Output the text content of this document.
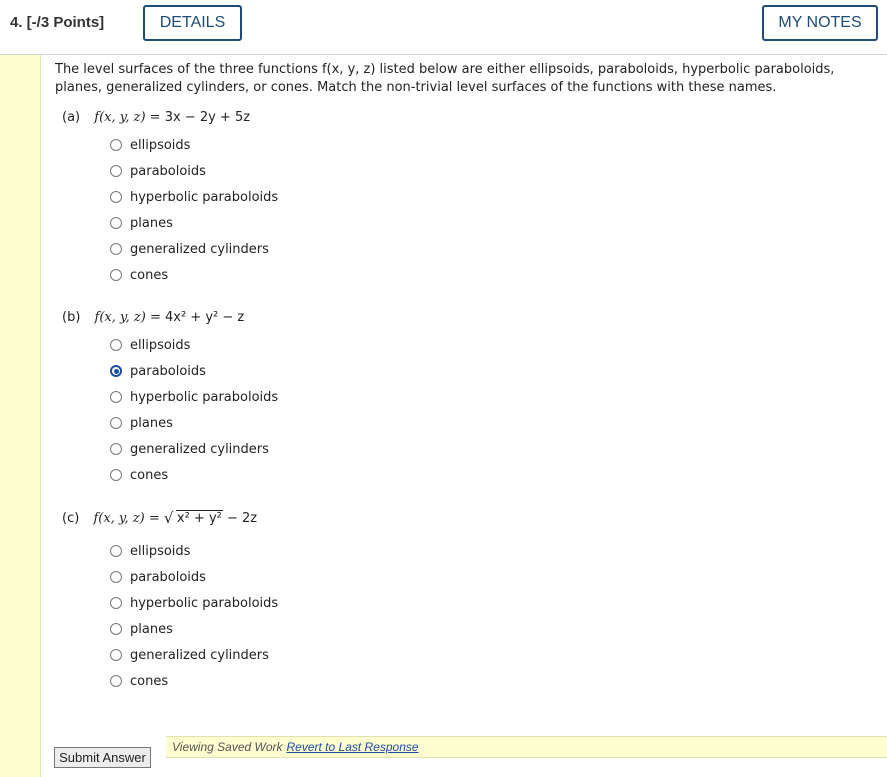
4. [-/3 Points]	DETAILS	MY NOTES

The level surfaces of the three functions f(x, y, z) listed below are either ellipsoids, paraboloids, hyperbolic paraboloids, planes, generalized cylinders, or cones. Match the non-trivial level surfaces of the functions with these names.

(a) f(x, y, z) = 3x − 2y + 5z
ellipsoids
paraboloids
hyperbolic paraboloids
planes
generalized cylinders
cones
(b) f(x, y, z) = 4x² + y² − z
ellipsoids
paraboloids
hyperbolic paraboloids
planes
generalized cylinders
cones
(c) f(x, y, z) = √ x² + y² − 2z
ellipsoids
paraboloids
hyperbolic paraboloids
planes
generalized cylinders
cones
Submit Answer
Viewing Saved Work Revert to Last Response
